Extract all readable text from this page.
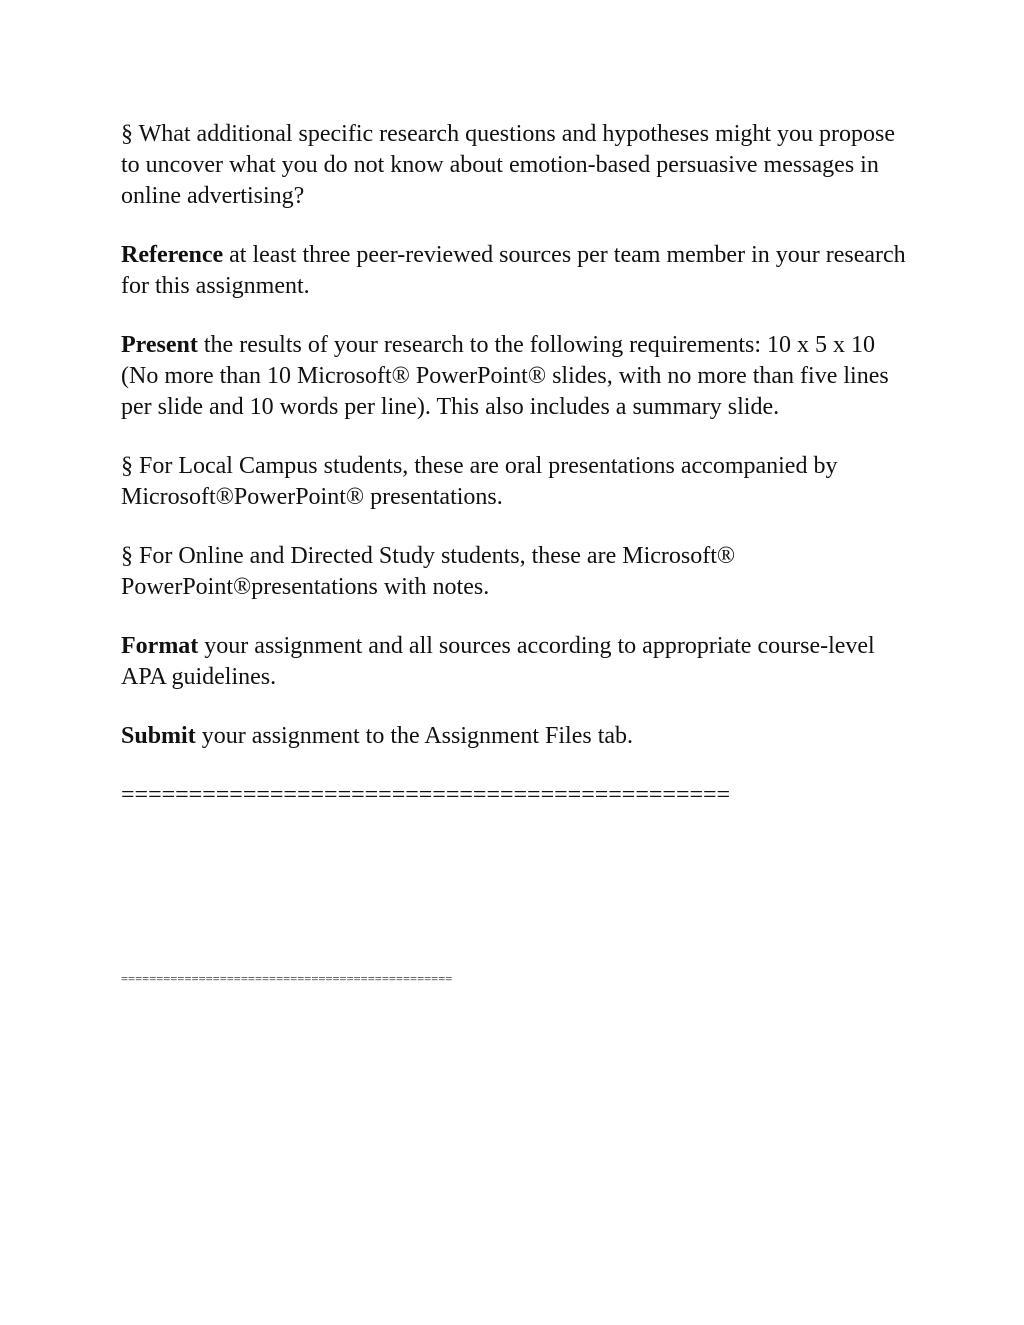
§ What additional specific research questions and hypotheses might you propose to uncover what you do not know about emotion-based persuasive messages in online advertising?

Reference at least three peer-reviewed sources per team member in your research for this assignment.

Present the results of your research to the following requirements: 10 x 5 x 10 (No more than 10 Microsoft® PowerPoint® slides, with no more than five lines per slide and 10 words per line). This also includes a summary slide.

§ For Local Campus students, these are oral presentations accompanied by Microsoft®PowerPoint® presentations.

§ For Online and Directed Study students, these are Microsoft® PowerPoint®presentations with notes.

Format your assignment and all sources according to appropriate course-level APA guidelines.

Submit your assignment to the Assignment Files tab.

=============================================

===============================================
